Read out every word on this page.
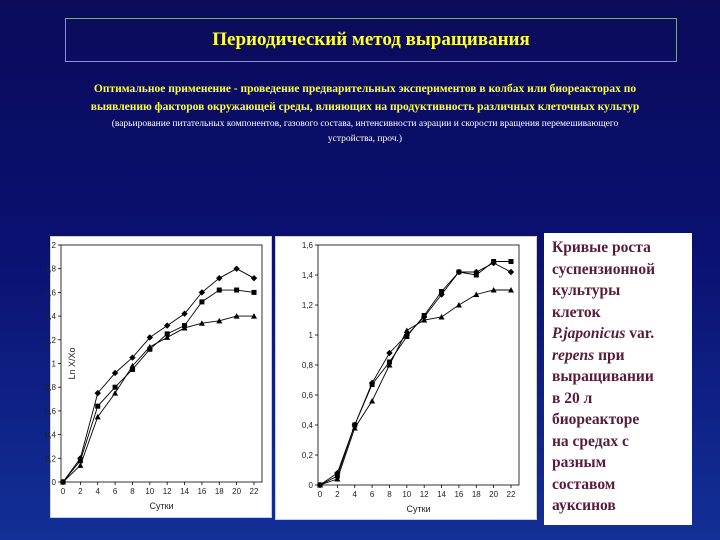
Периодический метод выращивания
Оптимальное применение - проведение предварительных экспериментов в колбах или биореакторах по
выявлению факторов окружающей среды, влияющих на продуктивность различных клеточных культур
(варьирование питательных компонентов, газового состава, интенсивности аэрации и скорости вращения перемешивающего
устройства, проч.)
0
0,2
0,4
0,6
0,8
1
1,2
1,4
1,6
1,8
2
0 2 4 6 8 10 12 14 16 18 20 22
Сутки
Ln X/Xo
0
0,2
0,4
0,6
0,8
1
1,2
1,4
1,6
0 2 4 6 8 10 12 14 16 18 20 22
Сутки
Кривые роста
суспензионной
культуры
клеток
P.japonicus var.
repens при
выращивании
в 20 л
биореакторе
на средах с
разным
составом
ауксинов
